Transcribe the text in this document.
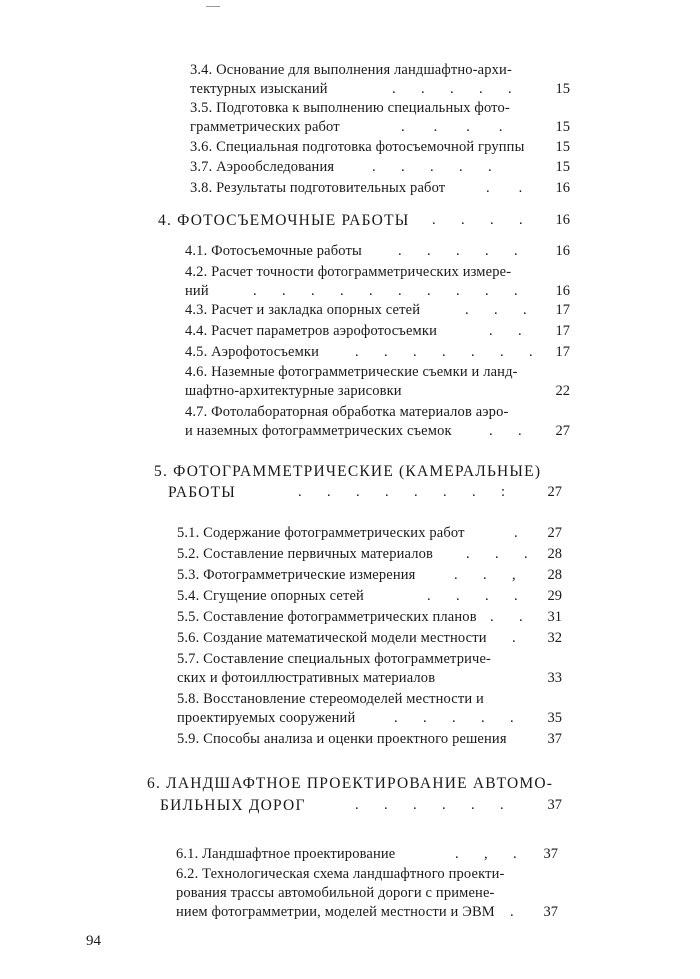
3.4. Основание для выполнения ландшафтно-архи-
тектурных изысканий	.       .       .       .       .	15
3.5. Подготовка к выполнению специальных фото-
грамметрических работ	.        .        .        .	15
3.6. Специальная подготовка фотосъемочной группы	15
3.7. Аэрообследования	.       .       .       .       .	15
3.8. Результаты подготовительных работ	.        .	16
4. ФОТОСЪЕМОЧНЫЕ РАБОТЫ .       .       .       .	16
4.1. Фотосъемочные работы .       .       .       .       .	16
4.2. Расчет точности фотограмметрических измере-
ний	.       .       .       .       .       .       .       .       .       .	16
4.3. Расчет и закладка опорных сетей	.       .       .	17
4.4. Расчет параметров аэрофотосъемки	.       .	17
4.5. Аэрофотосъемки .       .       .       .       .       .       .	17
4.6. Наземные фотограмметрические съемки и ланд-
шафтно-архитектурные зарисовки	22
4.7. Фотолабораторная обработка материалов аэро-
и наземных фотограмметрических съемок	.       .	27
5. ФОТОГРАММЕТРИЧЕСКИЕ (КАМЕРАЛЬНЫЕ)
РАБОТЫ	.       .       .       .       .       .       .       :	27
5.1. Содержание фотограмметрических работ	.	27
5.2. Составление первичных материалов .       .       .	28
5.3. Фотограмметрические измерения	.       .       ,	28
5.4. Сгущение опорных сетей	.       .       .       .	29
5.5. Составление фотограмметрических планов .       .	31
5.6. Создание математической модели местности .	32
5.7. Составление специальных фотограмметриче-
ских и фотоиллюстративных материалов	33
5.8. Восстановление стереомоделей местности и
проектируемых сооружений	.       .       .       .       .	35
5.9. Способы анализа и оценки проектного решения	37
6. ЛАНДШАФТНОЕ ПРОЕКТИРОВАНИЕ АВТОМО-
БИЛЬНЫХ ДОРОГ	.       .       .       .       .       .	37
6.1. Ландшафтное проектирование	.       ,       .	37
6.2. Технологическая схема ландшафтного проекти-
рования трассы автомобильной дороги с примене-
нием фотограмметрии, моделей местности и ЭВМ .	37
94
